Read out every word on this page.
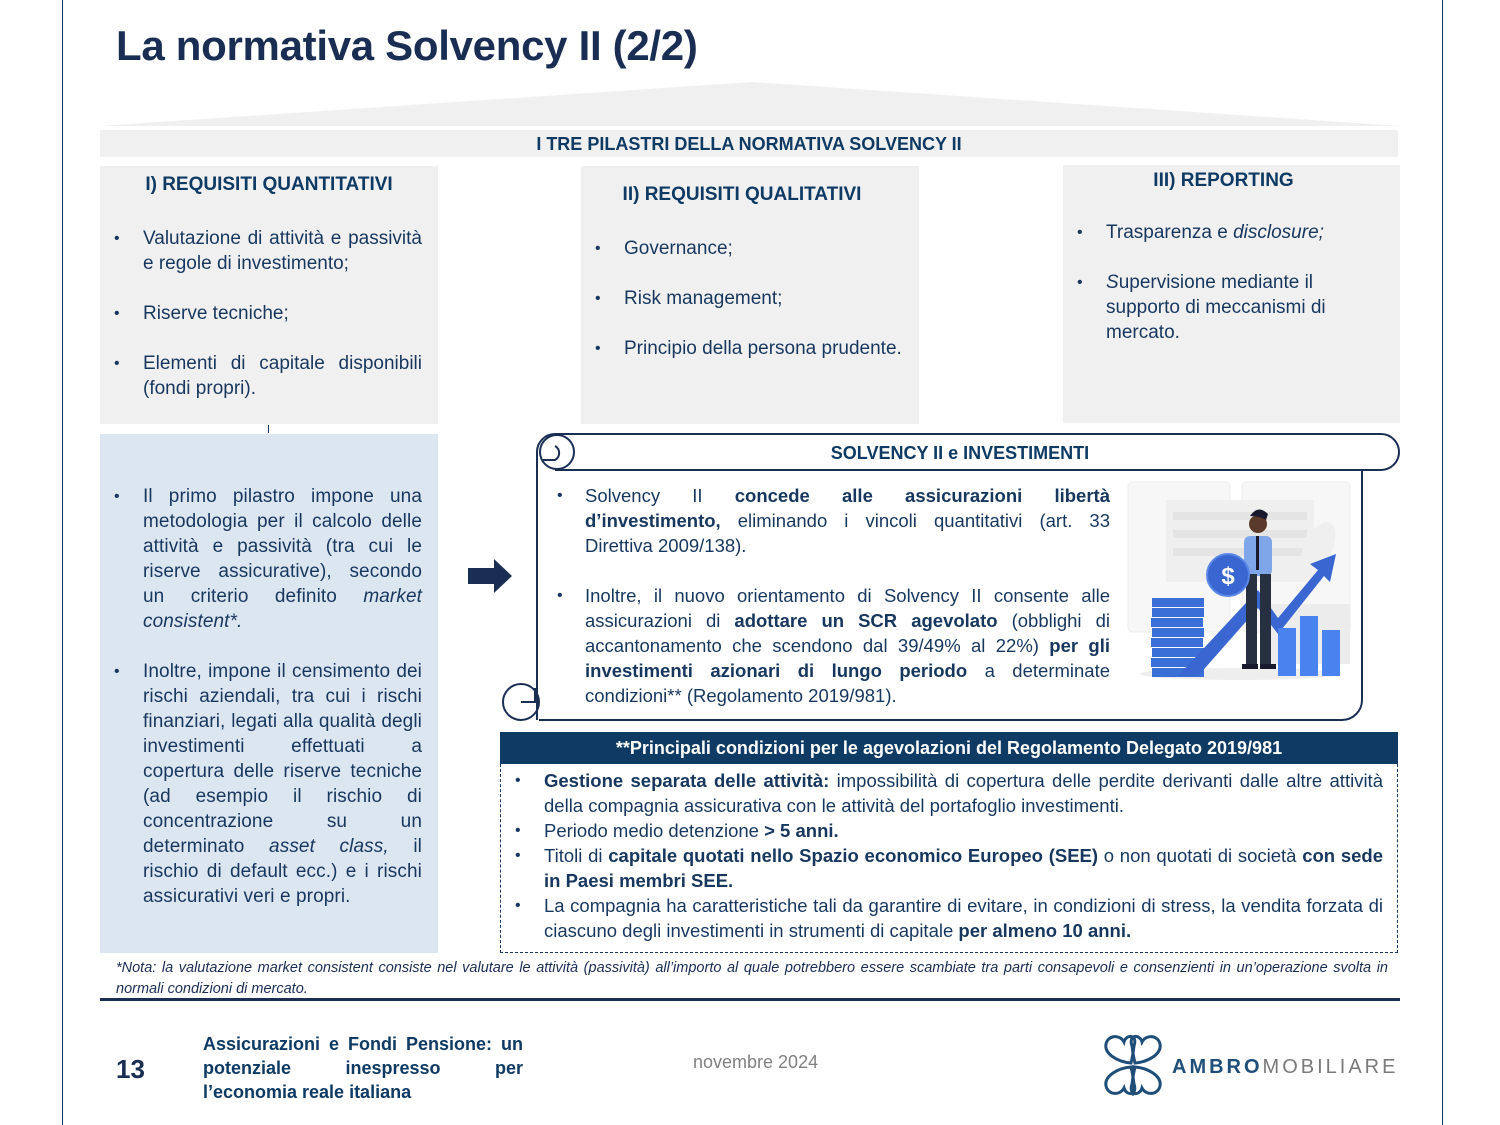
La normativa Solvency II (2/2)
I TRE PILASTRI DELLA NORMATIVA SOLVENCY II
I) REQUISITI QUANTITATIVI
• Valutazione di attività e passività e regole di investimento;
• Riserve tecniche;
• Elementi di capitale disponibili (fondi propri).
II) REQUISITI QUALITATIVI
• Governance;
• Risk management;
• Principio della persona prudente.
III) REPORTING
• Trasparenza e disclosure;
• Supervisione mediante il supporto di meccanismi di mercato.
• Il primo pilastro impone una metodologia per il calcolo delle attività e passività (tra cui le riserve assicurative), secondo un criterio definito market consistent*.
• Inoltre, impone il censimento dei rischi aziendali, tra cui i rischi finanziari, legati alla qualità degli investimenti effettuati a copertura delle riserve tecniche (ad esempio il rischio di concentrazione su un determinato asset class, il rischio di default ecc.) e i rischi assicurativi veri e propri.
SOLVENCY II e INVESTIMENTI
• Solvency II concede alle assicurazioni libertà d’investimento, eliminando i vincoli quantitativi (art. 33 Direttiva 2009/138).
• Inoltre, il nuovo orientamento di Solvency II consente alle assicurazioni di adottare un SCR agevolato (obblighi di accantonamento che scendono dal 39/49% al 22%) per gli investimenti azionari di lungo periodo a determinate condizioni** (Regolamento 2019/981).
$
**Principali condizioni per le agevolazioni del Regolamento Delegato 2019/981
• Gestione separata delle attività: impossibilità di copertura delle perdite derivanti dalle altre attività della compagnia assicurativa con le attività del portafoglio investimenti.
• Periodo medio detenzione > 5 anni.
• Titoli di capitale quotati nello Spazio economico Europeo (SEE) o non quotati di società con sede in Paesi membri SEE.
• La compagnia ha caratteristiche tali da garantire di evitare, in condizioni di stress, la vendita forzata di ciascuno degli investimenti in strumenti di capitale per almeno 10 anni.
*Nota: la valutazione market consistent consiste nel valutare le attività (passività) all’importo al quale potrebbero essere scambiate tra parti consapevoli e consenzienti in un’operazione svolta in normali condizioni di mercato.
13
Assicurazioni e Fondi Pensione: un potenziale inespresso per l’economia reale italiana
novembre 2024	AMBROMOBILIARE
